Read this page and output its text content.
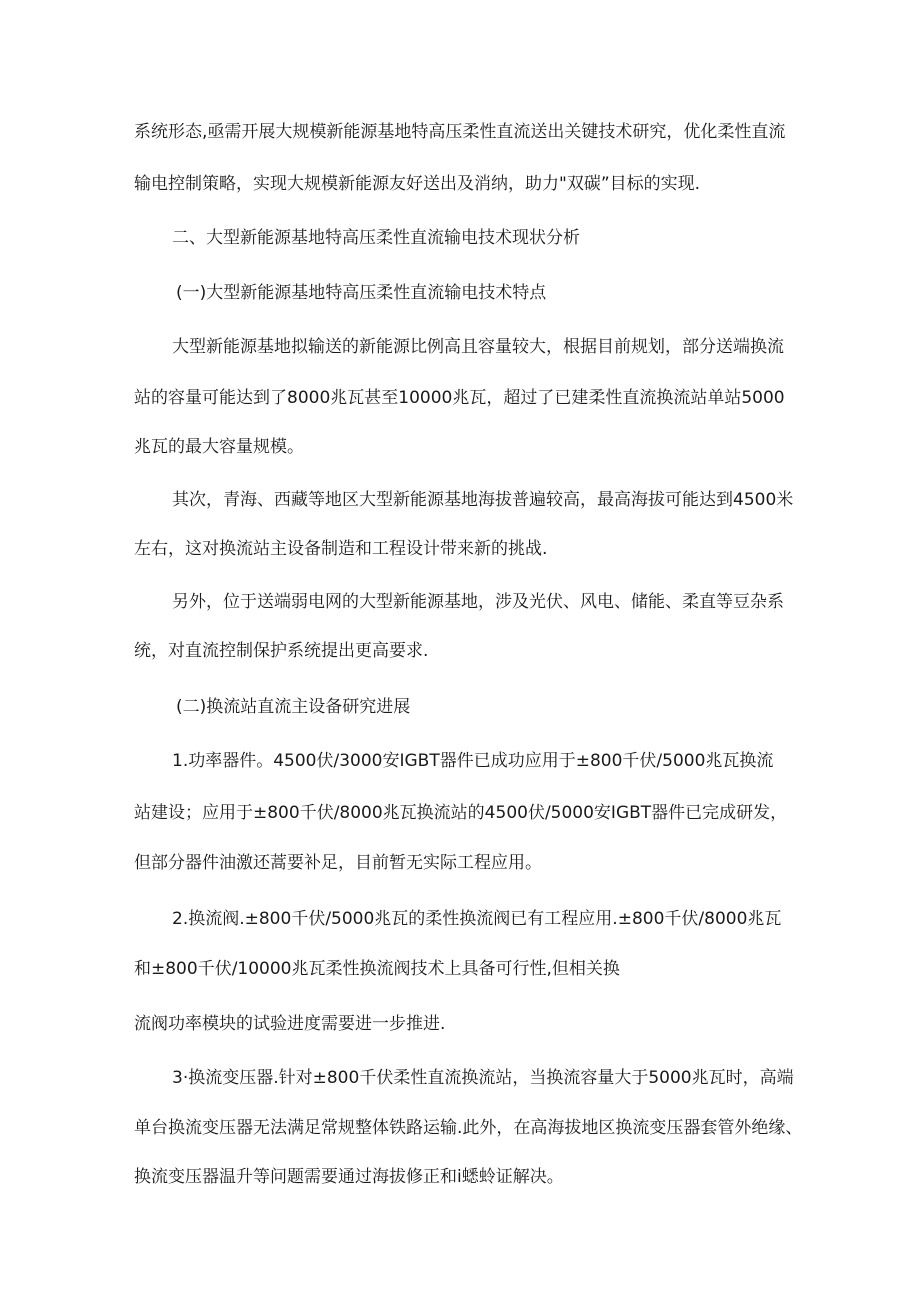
系统形态,亟需开展大规模新能源基地特高压柔性直流送出关键技术研究，优化柔性直流

输电控制策略，实现大规模新能源友好送出及消纳，助力"双碳”目标的实现.

二、大型新能源基地特高压柔性直流输电技术现状分析

(一)大型新能源基地特高压柔性直流输电技术特点

大型新能源基地拟输送的新能源比例高且容量较大，根据目前规划，部分送端换流

站的容量可能达到了8000兆瓦甚至10000兆瓦，超过了已建柔性直流换流站单站5000

兆瓦的最大容量规模。

其次，青海、西藏等地区大型新能源基地海拔普遍较高，最高海拔可能达到4500米

左右，这对换流站主设备制造和工程设计带来新的挑战.

另外，位于送端弱电网的大型新能源基地，涉及光伏、风电、储能、柔直等豆杂系

统，对直流控制保护系统提出更高要求.

(二)换流站直流主设备研究进展

1.功率器件。4500伏/3000安IGBT器件已成功应用于±800千伏/5000兆瓦换流

站建设；应用于±800千伏/8000兆瓦换流站的4500伏/5000安IGBT器件已完成研发，

但部分器件油激还蒿要补足，目前暂无实际工程应用。

2.换流阀.±800千伏/5000兆瓦的柔性换流阀已有工程应用.±800千伏/8000兆瓦

和±800千伏/10000兆瓦柔性换流阀技术上具备可行性,但相关换

流阀功率模块的试验进度需要进一步推进.

3·换流变压器.针对±800千伏柔性直流换流站，当换流容量大于5000兆瓦时，高端

单台换流变压器无法满足常规整体铁路运输.此外，在高海拔地区换流变压器套管外绝缘、

换流变压器温升等问题需要通过海拔修正和i蟋蛉证解决。
